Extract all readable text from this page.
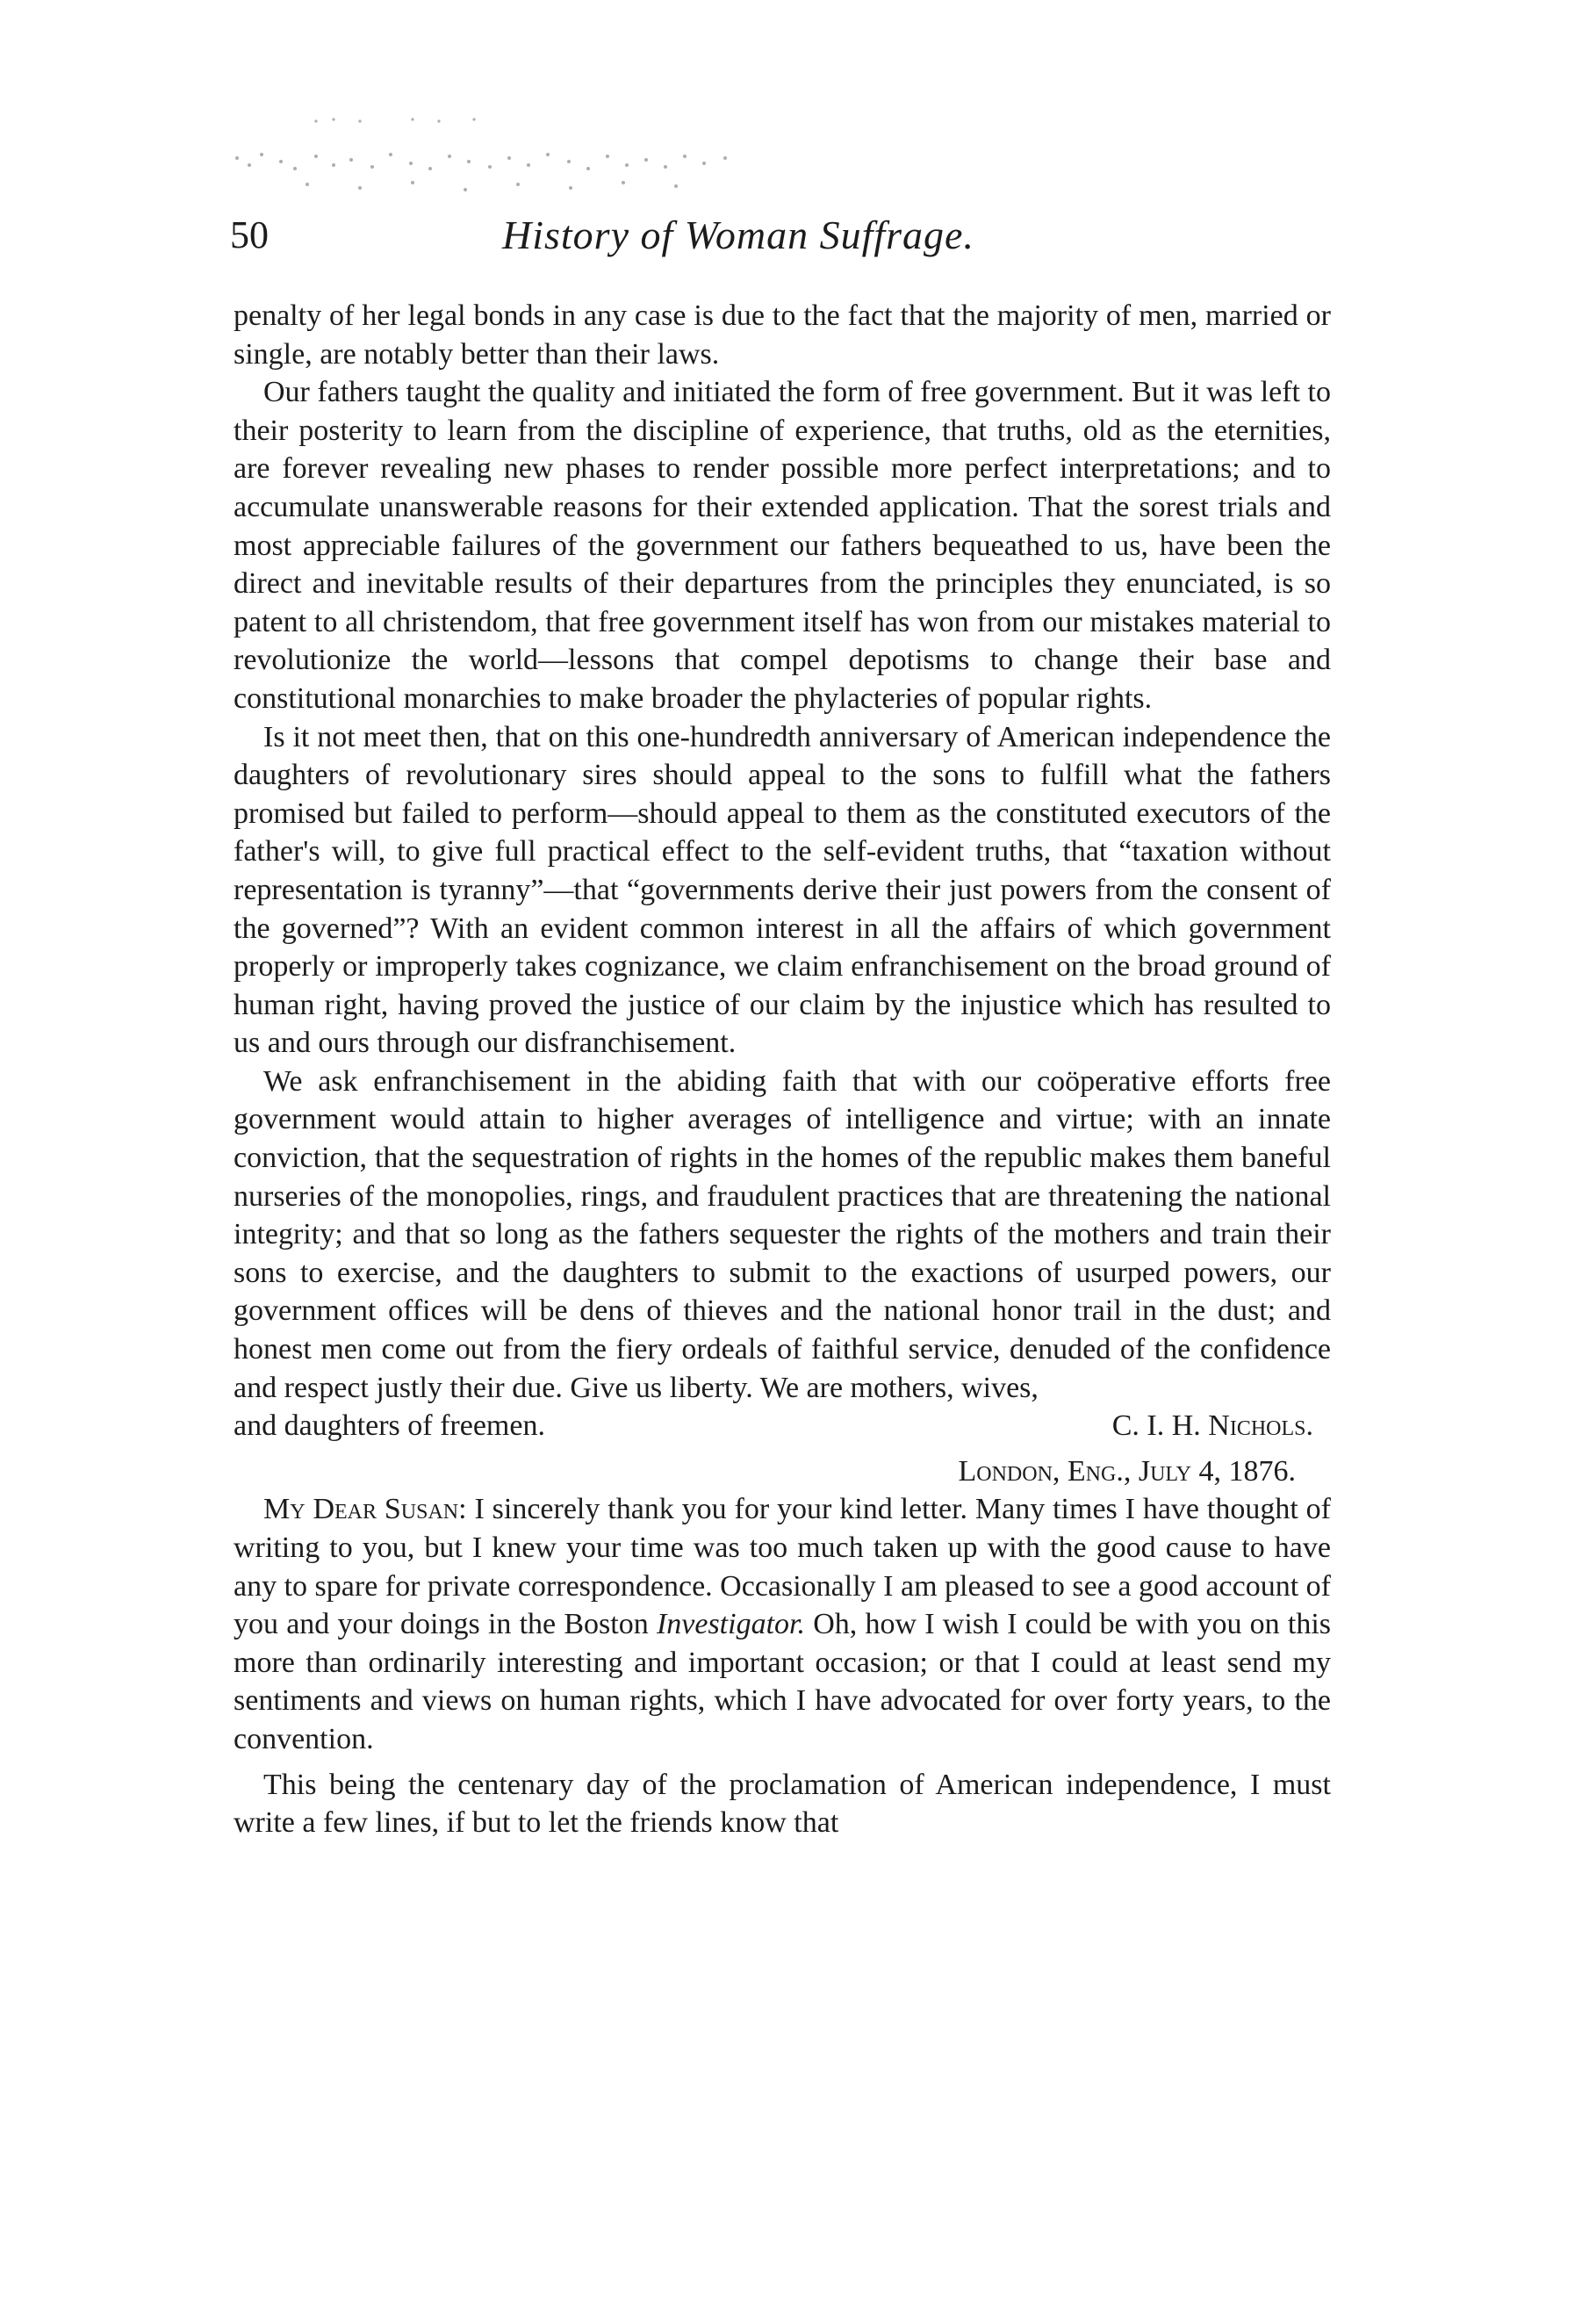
50	History of Woman Suffrage.

penalty of her legal bonds in any case is due to the fact that the majority of men, married or single, are notably better than their laws.

Our fathers taught the quality and initiated the form of free government. But it was left to their posterity to learn from the discipline of experience, that truths, old as the eternities, are forever revealing new phases to render possible more perfect interpretations; and to accumulate unanswerable reasons for their extended application. That the sorest trials and most appreciable failures of the government our fathers bequeathed to us, have been the direct and inevitable results of their departures from the principles they enunciated, is so patent to all christendom, that free government itself has won from our mistakes material to revolutionize the world—lessons that compel depotisms to change their base and constitutional monarchies to make broader the phylacteries of popular rights.

Is it not meet then, that on this one-hundredth anniversary of American independence the daughters of revolutionary sires should appeal to the sons to fulfill what the fathers promised but failed to perform—should appeal to them as the constituted executors of the father's will, to give full practical effect to the self-evident truths, that “taxation without representation is tyranny”—that “governments derive their just powers from the consent of the governed”? With an evident common interest in all the affairs of which government properly or improperly takes cognizance, we claim enfranchisement on the broad ground of human right, having proved the justice of our claim by the injustice which has resulted to us and ours through our disfranchisement.

We ask enfranchisement in the abiding faith that with our coöperative efforts free government would attain to higher averages of intelligence and virtue; with an innate conviction, that the sequestration of rights in the homes of the republic makes them baneful nurseries of the monopolies, rings, and fraudulent practices that are threatening the national integrity; and that so long as the fathers sequester the rights of the mothers and train their sons to exercise, and the daughters to submit to the exactions of usurped powers, our government offices will be dens of thieves and the national honor trail in the dust; and honest men come out from the fiery ordeals of faithful service, denuded of the confidence and respect justly their due. Give us liberty. We are mothers, wives,

and daughters of freemen.	C. I. H. Nichols.
London, Eng., July 4, 1876.

My Dear Susan: I sincerely thank you for your kind letter. Many times I have thought of writing to you, but I knew your time was too much taken up with the good cause to have any to spare for private correspondence. Occasionally I am pleased to see a good account of you and your doings in the Boston Investigator. Oh, how I wish I could be with you on this more than ordinarily interesting and important occasion; or that I could at least send my sentiments and views on human rights, which I have advocated for over forty years, to the convention.

This being the centenary day of the proclamation of American independence, I must write a few lines, if but to let the friends know that
